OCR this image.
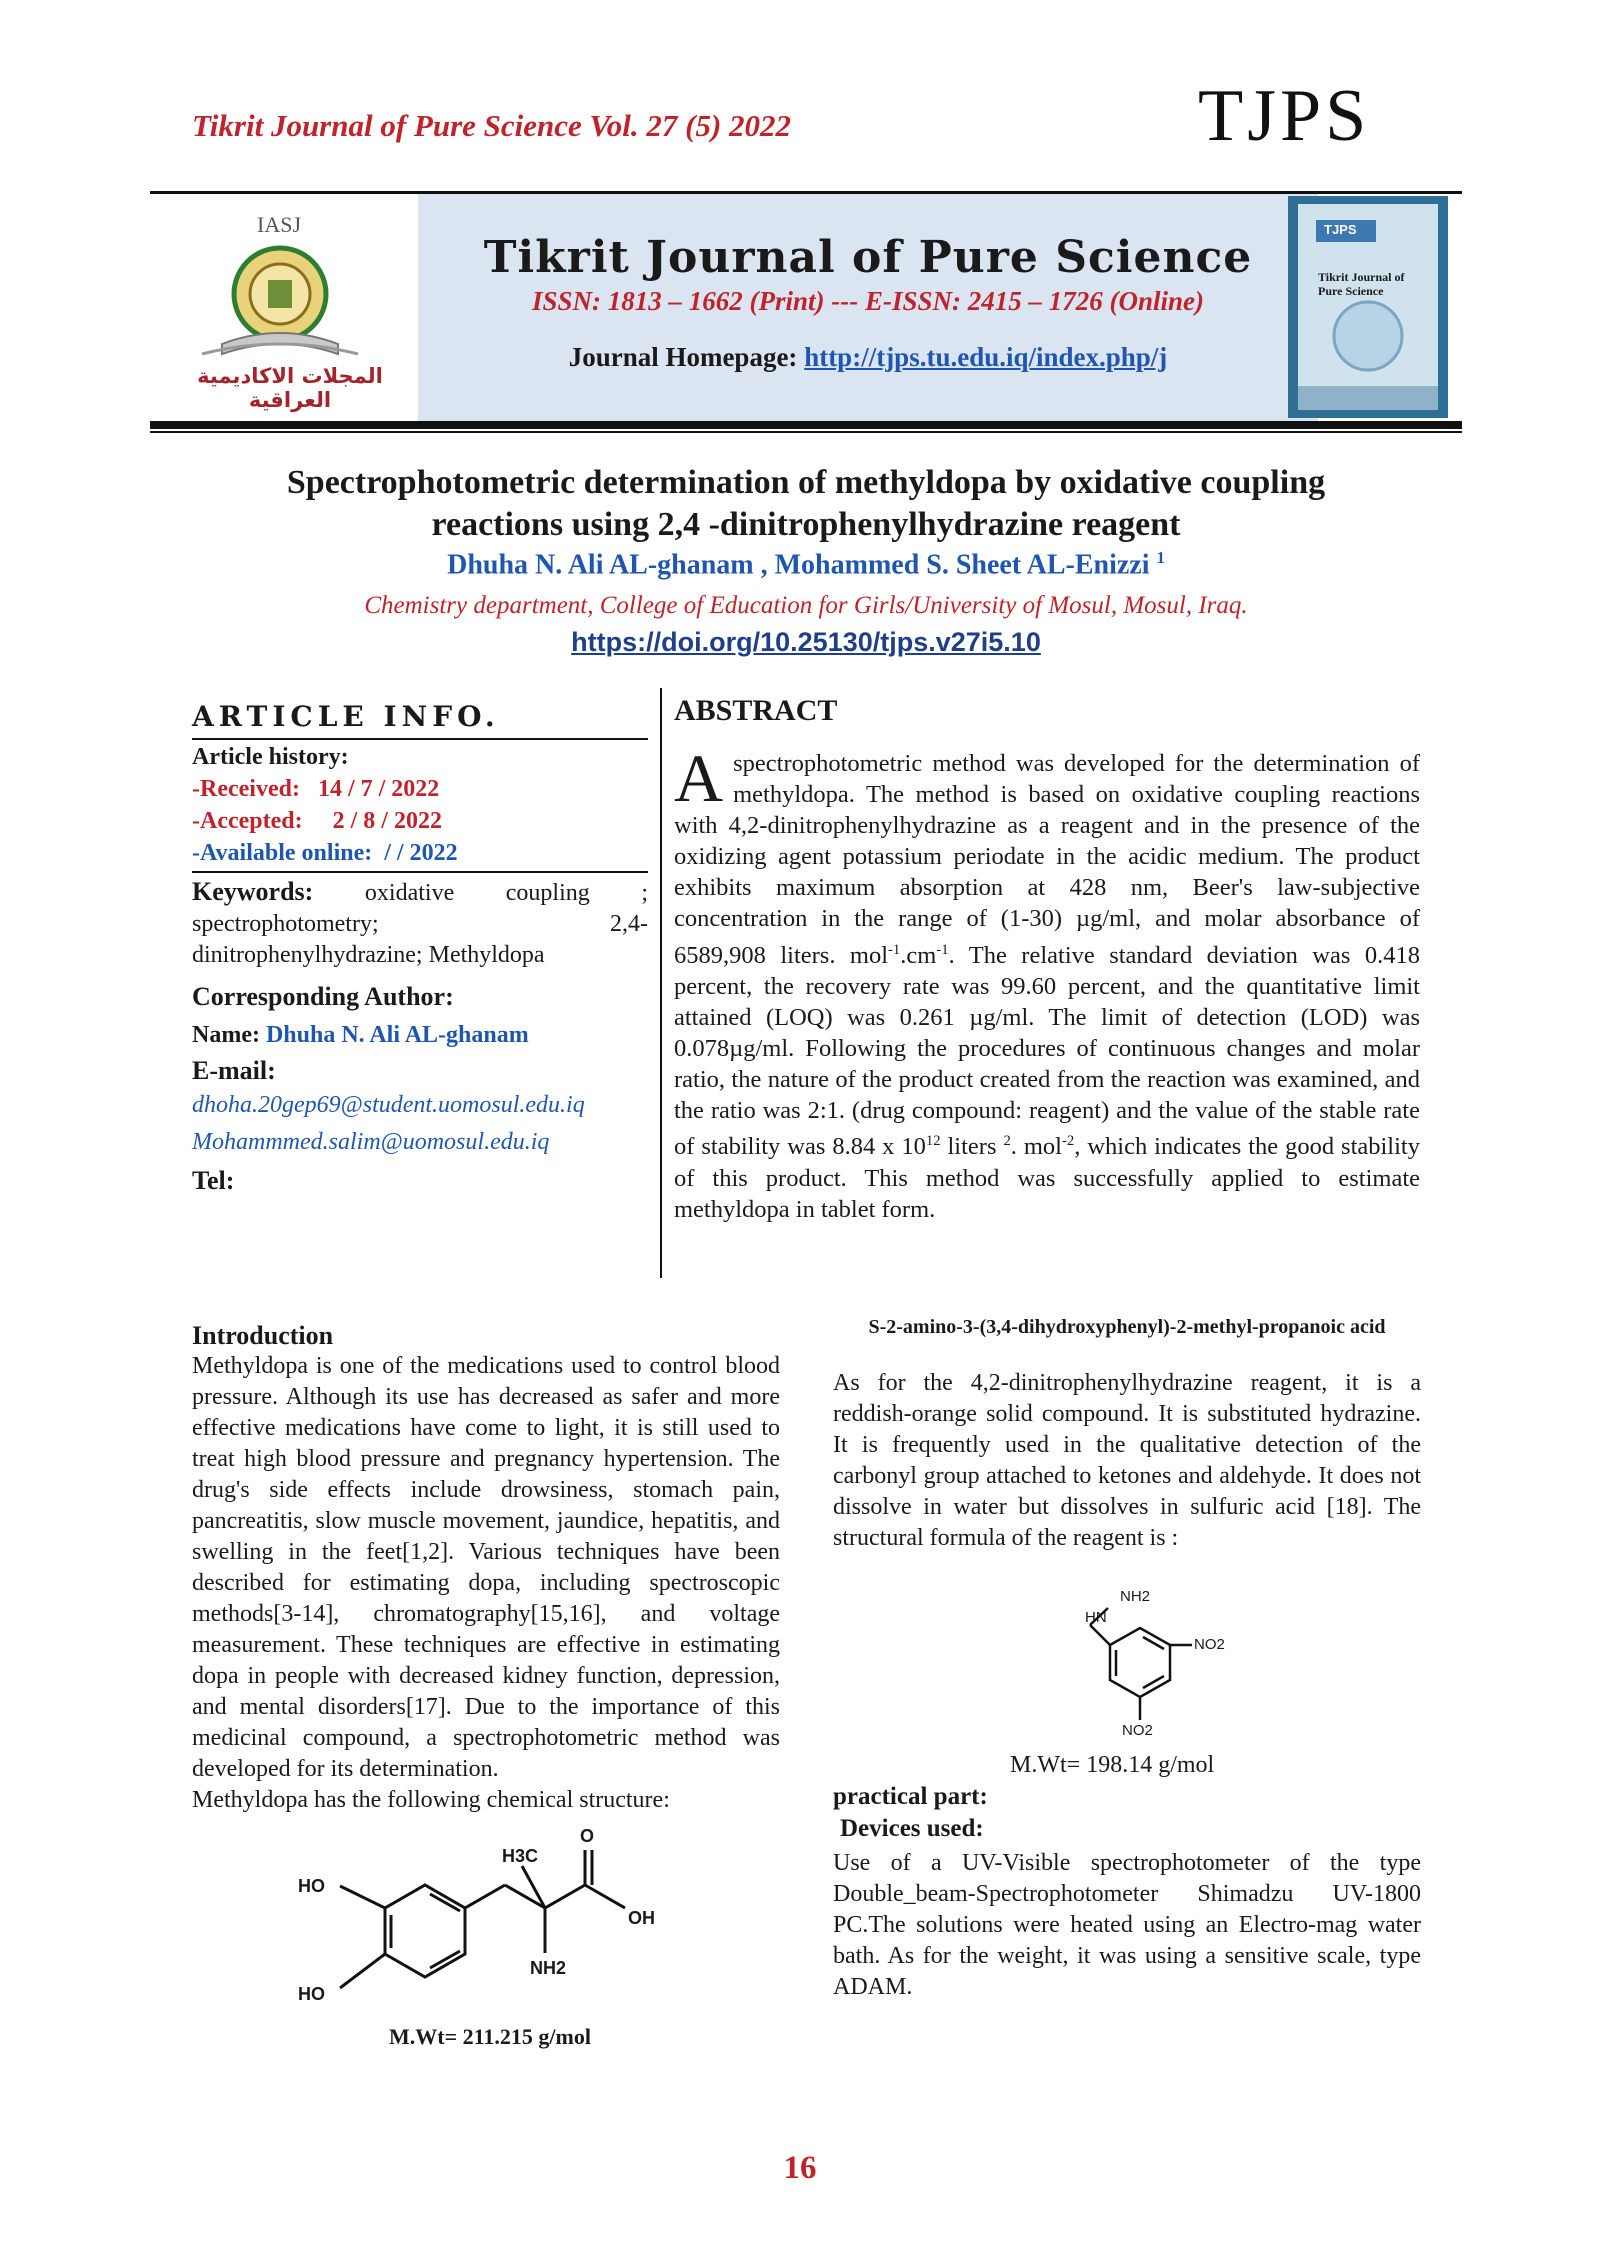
Tikrit Journal of Pure Science Vol. 27 (5) 2022	TJPS
IASJ
المجلات الاكاديمية العراقية
Tikrit Journal of Pure Science
ISSN: 1813 – 1662 (Print) --- E-ISSN: 2415 – 1726 (Online)
Journal Homepage: http://tjps.tu.edu.iq/index.php/j
TJPS
Tikrit Journal of Pure Science
Spectrophotometric determination of methyldopa by oxidative coupling
reactions using 2,4 -dinitrophenylhydrazine reagent
Dhuha N. Ali AL-ghanam , Mohammed S. Sheet AL-Enizzi $^1$
Chemistry department, College of Education for Girls/University of Mosul, Mosul, Iraq.
https://doi.org/10.25130/tjps.v27i5.10
ARTICLE INFO.
Article history:
-Received: 14 / 7 / 2022
-Accepted: 2 / 8 / 2022
-Available online: / / 2022
Keywords: oxidative coupling ; spectrophotometry; 2,4-dinitrophenylhydrazine; Methyldopa
Corresponding Author:
Name: Dhuha N. Ali AL-ghanam
E-mail:
dhoha.20gep69@student.uomosul.edu.iq
Mohammmed.salim@uomosul.edu.iq
Tel:
ABSTRACT
A spectrophotometric method was developed for the determination of methyldopa. The method is based on oxidative coupling reactions with 4,2-dinitrophenylhydrazine as a reagent and in the presence of the oxidizing agent potassium periodate in the acidic medium. The product exhibits maximum absorption at 428 nm, Beer's law-subjective concentration in the range of (1-30) µg/ml, and molar absorbance of 6589,908 liters. $mol^{-1}.cm^{-1}$. The relative standard deviation was 0.418 percent, the recovery rate was 99.60 percent, and the quantitative limit attained (LOQ) was 0.261 µg/ml. The limit of detection (LOD) was 0.078µg/ml. Following the procedures of continuous changes and molar ratio, the nature of the product created from the reaction was examined, and the ratio was 2:1. (drug compound: reagent) and the value of the stable rate of stability was 8.84 x $10^{12}$ liters $^2$. mol$^{-2}$, which indicates the good stability of this product. This method was successfully applied to estimate methyldopa in tablet form.
Introduction

Methyldopa is one of the medications used to control blood pressure. Although its use has decreased as safer and more effective medications have come to light, it is still used to treat high blood pressure and pregnancy hypertension. The drug's side effects include drowsiness, stomach pain, pancreatitis, slow muscle movement, jaundice, hepatitis, and swelling in the feet[1,2]. Various techniques have been described for estimating dopa, including spectroscopic methods[3-14], chromatography[15,16], and voltage measurement. These techniques are effective in estimating dopa in people with decreased kidney function, depression, and mental disorders[17]. Due to the importance of this medicinal compound, a spectrophotometric method was developed for its determination.

Methyldopa has the following chemical structure:

HO
HO
H3C
O
OH
NH2
M.Wt= 211.215 g/mol
S-2-amino-3-(3,4-dihydroxyphenyl)-2-methyl-propanoic acid
As for the 4,2-dinitrophenylhydrazine reagent, it is a reddish-orange solid compound. It is substituted hydrazine. It is frequently used in the qualitative detection of the carbonyl group attached to ketones and aldehyde. It does not dissolve in water but dissolves in sulfuric acid [18]. The structural formula of the reagent is :
HN
NH2
NO2
NO2
M.Wt= 198.14 g/mol
practical part:
Devices used:
Use of a UV-Visible spectrophotometer of the type Double_beam-Spectrophotometer Shimadzu UV-1800 PC.The solutions were heated using an Electro-mag water bath. As for the weight, it was using a sensitive scale, type ADAM.
16
